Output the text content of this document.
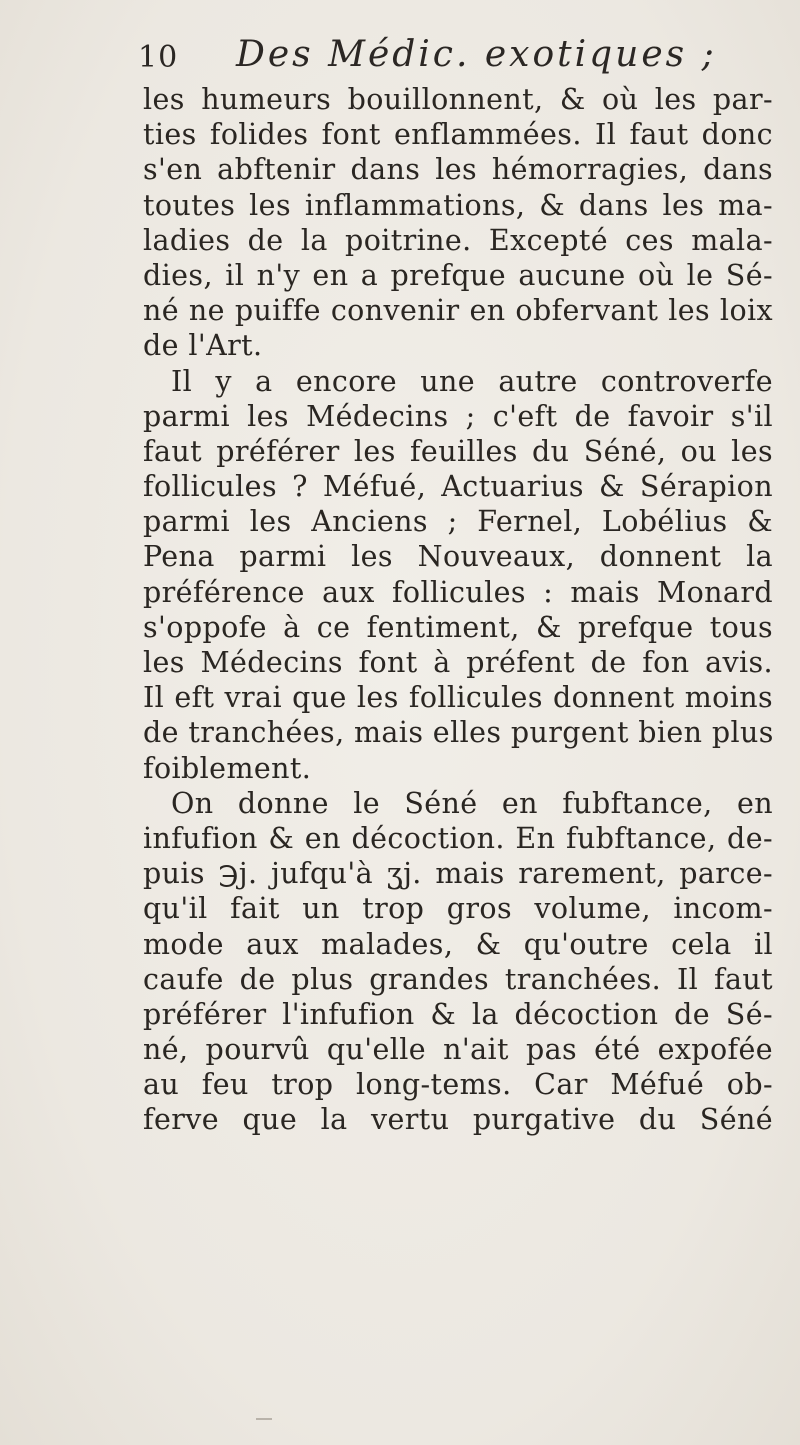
10 Des Médic. exotiques ;
les humeurs bouillonnent, & où les par-
ties folides font enflammées. Il faut donc
s'en abftenir dans les hémorragies, dans
toutes les inflammations, & dans les ma-
ladies de la poitrine. Excepté ces mala-
dies, il n'y en a prefque aucune où le Sé-
né ne puiffe convenir en obfervant les loix
de l'Art.
Il y a encore une autre controverfe
parmi les Médecins ; c'eft de favoir s'il
faut préférer les feuilles du Séné, ou les
follicules ? Méfué, Actuarius & Sérapion
parmi les Anciens ; Fernel, Lobélius &
Pena parmi les Nouveaux, donnent la
préférence aux follicules : mais Monard
s'oppofe à ce fentiment, & prefque tous
les Médecins font à préfent de fon avis.
Il eft vrai que les follicules donnent moins
de tranchées, mais elles purgent bien plus
foiblement.
On donne le Séné en fubftance, en
infufion & en décoction. En fubftance, de-
puis ℈j. jufqu'à ʒj. mais rarement, parce-
qu'il fait un trop gros volume, incom-
mode aux malades, & qu'outre cela il
caufe de plus grandes tranchées. Il faut
préférer l'infufion & la décoction de Sé-
né, pourvû qu'elle n'ait pas été expofée
au feu trop long-tems. Car Méfué ob-
ferve que la vertu purgative du Séné
